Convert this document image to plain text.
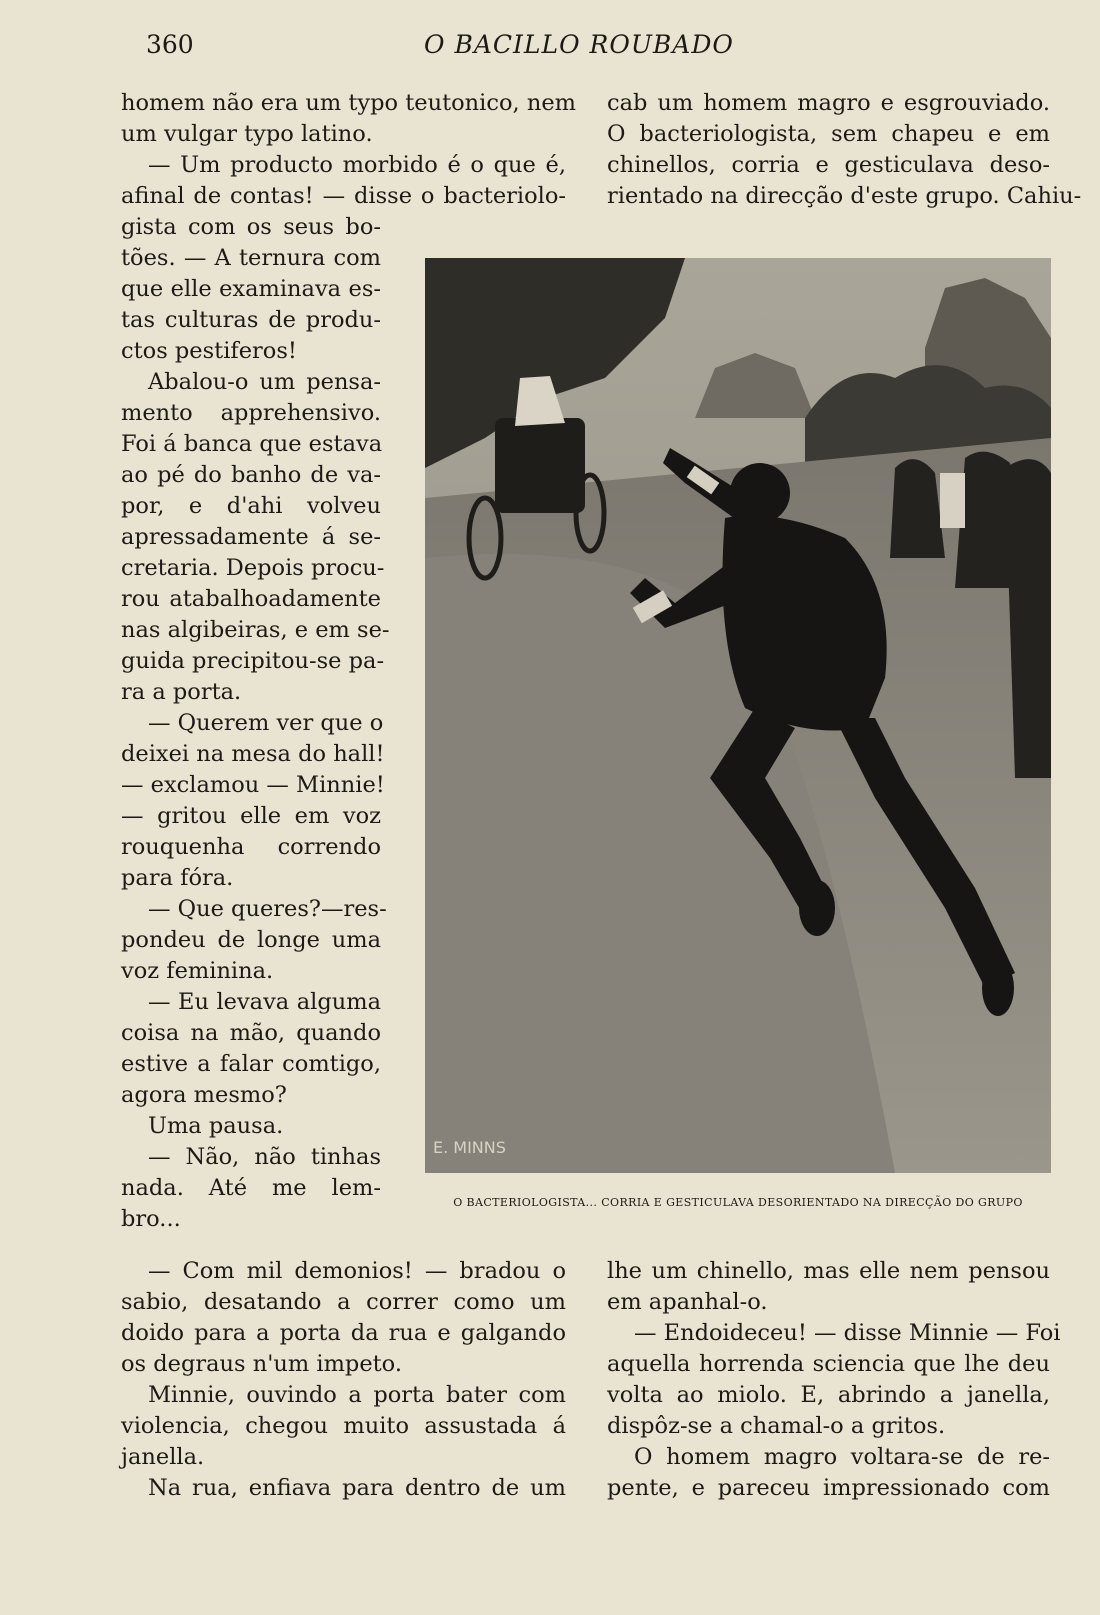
360	O BACILLO ROUBADO

homem não era um typo teutonico, nem
um vulgar typo latino.
— Um producto morbido é o que é,
afinal de contas! — disse o bacteriolo-
gista com os seus bo-

tões. — A ternura com
que elle examinava es-
tas culturas de produ-
ctos pestiferos!
Abalou-o um pensa-
mento apprehensivo.
Foi á banca que estava
ao pé do banho de va-
por, e d'ahi volveu
apressadamente á se-
cretaria. Depois procu-
rou atabalhoadamente
nas algibeiras, e em se-
guida precipitou-se pa-
ra a porta.
— Querem ver que o
deixei na mesa do hall!
— exclamou — Minnie!
— gritou elle em voz
rouquenha correndo
para fóra.
— Que queres?—res-
pondeu de longe uma
voz feminina.
— Eu levava alguma
coisa na mão, quando
estive a falar comtigo,
agora mesmo?
Uma pausa.
— Não, não tinhas
nada. Até me lem-
bro...

— Com mil demonios! — bradou o
sabio, desatando a correr como um
doido para a porta da rua e galgando
os degraus n'um impeto.
Minnie, ouvindo a porta bater com
violencia, chegou muito assustada á
janella.
Na rua, enfiava para dentro de um

cab um homem magro e esgrouviado.
O bacteriologista, sem chapeu e em
chinellos, corria e gesticulava deso-
rientado na direcção d'este grupo. Cahiu-

E. MINNS
O BACTERIOLOGISTA... CORRIA E GESTICULAVA DESORIENTADO NA DIRECÇÃO DO GRUPO

lhe um chinello, mas elle nem pensou
em apanhal-o.
— Endoideceu! — disse Minnie — Foi
aquella horrenda sciencia que lhe deu
volta ao miolo. E, abrindo a janella,
dispôz-se a chamal-o a gritos.
O homem magro voltara-se de re-
pente, e pareceu impressionado com
